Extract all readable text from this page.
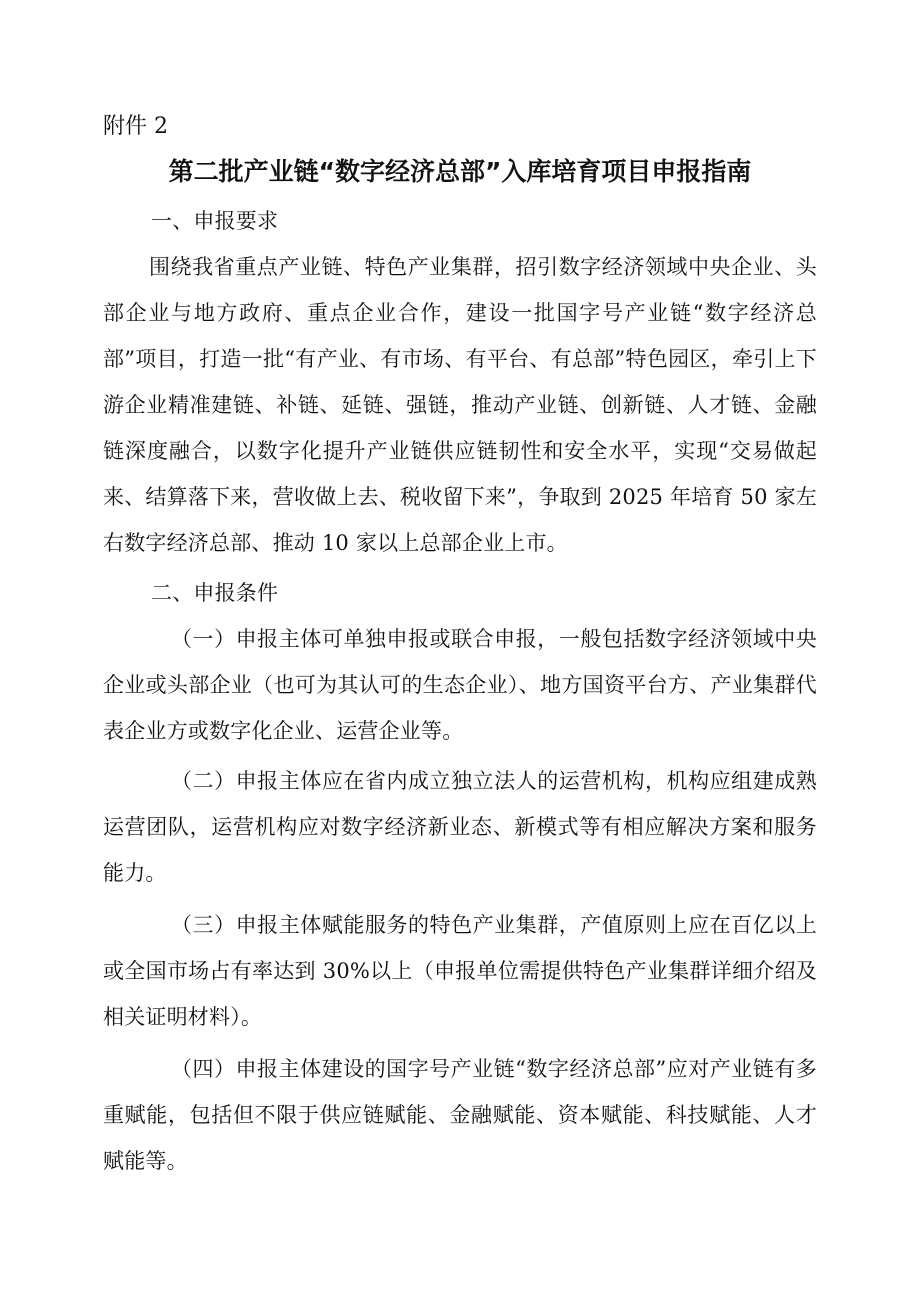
附件 2
第二批产业链“数字经济总部”入库培育项目申报指南

一、申报要求

围绕我省重点产业链、特色产业集群，招引数字经济领域中央企业、头部企业与地方政府、重点企业合作，建设一批国字号产业链“数字经济总部”项目，打造一批“有产业、有市场、有平台、有总部”特色园区，牵引上下游企业精准建链、补链、延链、强链，推动产业链、创新链、人才链、金融链深度融合，以数字化提升产业链供应链韧性和安全水平，实现“交易做起来、结算落下来，营收做上去、税收留下来”，争取到 2025 年培育 50 家左右数字经济总部、推动 10 家以上总部企业上市。

二、申报条件

（一）申报主体可单独申报或联合申报，一般包括数字经济领域中央企业或头部企业（也可为其认可的生态企业）、地方国资平台方、产业集群代表企业方或数字化企业、运营企业等。

（二）申报主体应在省内成立独立法人的运营机构，机构应组建成熟运营团队，运营机构应对数字经济新业态、新模式等有相应解决方案和服务能力。

（三）申报主体赋能服务的特色产业集群，产值原则上应在百亿以上或全国市场占有率达到 30%以上（申报单位需提供特色产业集群详细介绍及相关证明材料）。

（四）申报主体建设的国字号产业链“数字经济总部”应对产业链有多重赋能，包括但不限于供应链赋能、金融赋能、资本赋能、科技赋能、人才赋能等。
